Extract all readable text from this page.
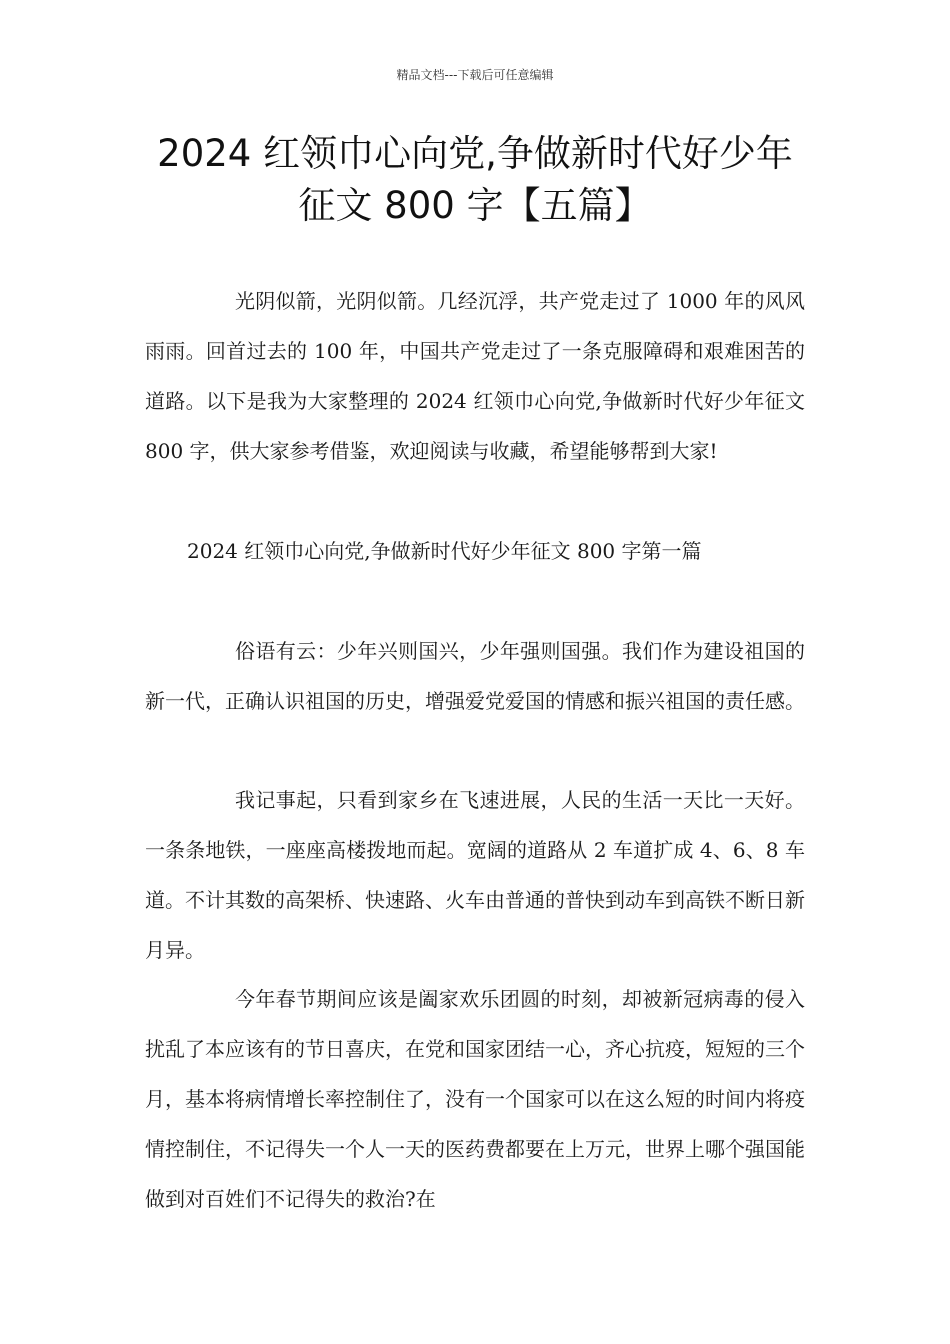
精品文档---下载后可任意编辑
2024 红领巾心向党,争做新时代好少年
征文 800 字【五篇】
光阴似箭，光阴似箭。几经沉浮，共产党走过了 1000 年的风风雨雨。回首过去的 100 年，中国共产党走过了一条克服障碍和艰难困苦的道路。以下是我为大家整理的 2024 红领巾心向党,争做新时代好少年征文 800 字，供大家参考借鉴，欢迎阅读与收藏，希望能够帮到大家!
2024 红领巾心向党,争做新时代好少年征文 800 字第一篇
俗语有云：少年兴则国兴，少年强则国强。我们作为建设祖国的新一代，正确认识祖国的历史，增强爱党爱国的情感和振兴祖国的责任感。
我记事起，只看到家乡在飞速进展，人民的生活一天比一天好。一条条地铁，一座座高楼拨地而起。宽阔的道路从 2 车道扩成 4、6、8 车道。不计其数的高架桥、快速路、火车由普通的普快到动车到高铁不断日新月异。
今年春节期间应该是阖家欢乐团圆的时刻，却被新冠病毒的侵入扰乱了本应该有的节日喜庆，在党和国家团结一心，齐心抗疫，短短的三个月，基本将病情增长率控制住了，没有一个国家可以在这么短的时间内将疫情控制住，不记得失一个人一天的医药费都要在上万元，世界上哪个强国能做到对百姓们不记得失的救治?在
